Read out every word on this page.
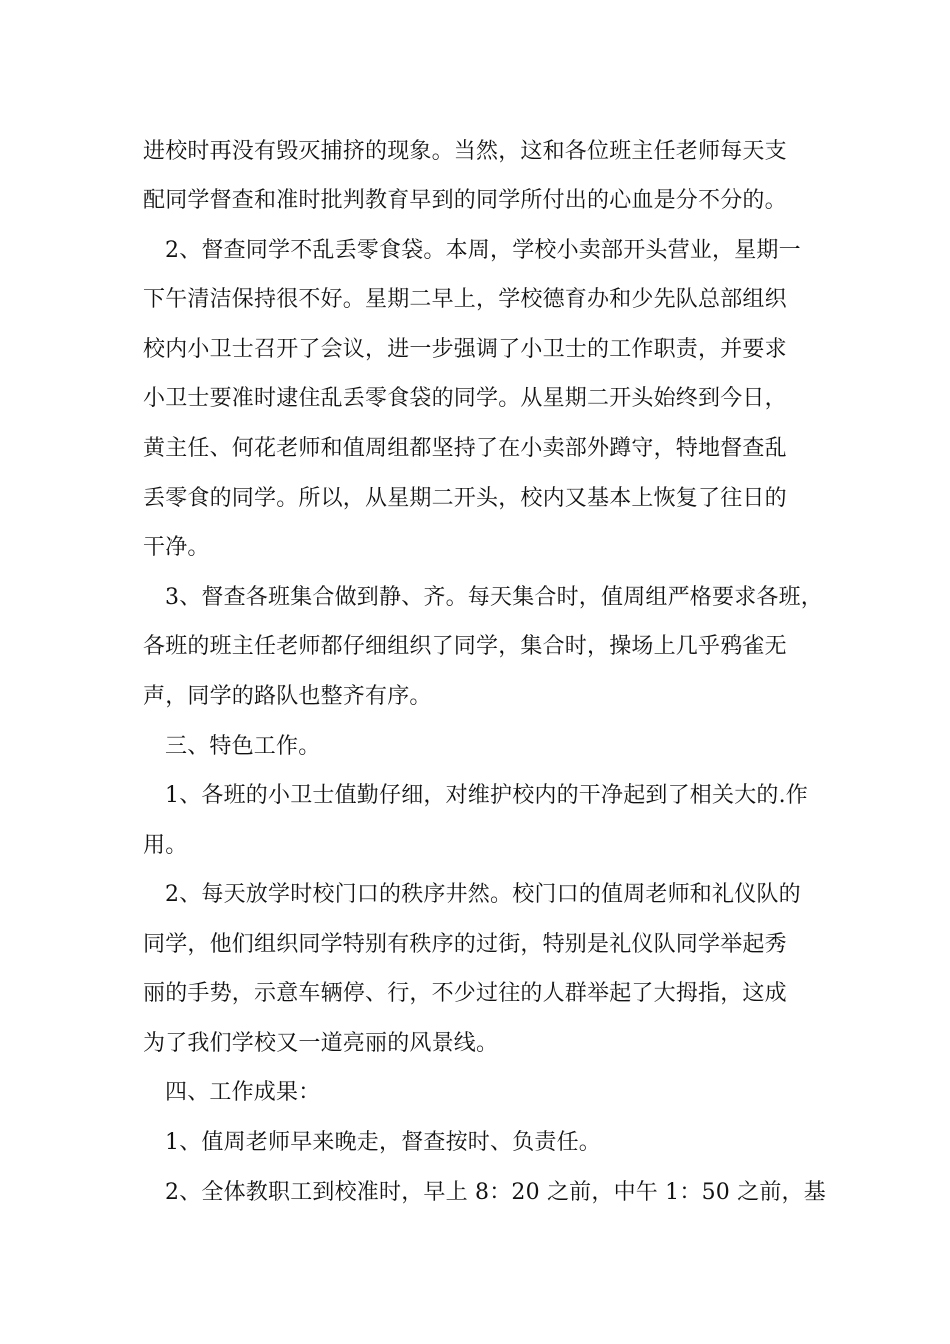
进校时再没有毁灭捕挤的现象。当然，这和各位班主任老师每天支
配同学督查和准时批判教育早到的同学所付出的心血是分不分的。
2、督查同学不乱丢零食袋。本周，学校小卖部开头营业，星期一
下午清洁保持很不好。星期二早上，学校德育办和少先队总部组织
校内小卫士召开了会议，进一步强调了小卫士的工作职责，并要求
小卫士要准时逮住乱丢零食袋的同学。从星期二开头始终到今日，
黄主任、何花老师和值周组都坚持了在小卖部外蹲守，特地督查乱
丢零食的同学。所以，从星期二开头，校内又基本上恢复了往日的
干净。
3、督查各班集合做到静、齐。每天集合时，值周组严格要求各班，
各班的班主任老师都仔细组织了同学，集合时，操场上几乎鸦雀无
声，同学的路队也整齐有序。
三、特色工作。
1、各班的小卫士值勤仔细，对维护校内的干净起到了相关大的.作
用。
2、每天放学时校门口的秩序井然。校门口的值周老师和礼仪队的
同学，他们组织同学特别有秩序的过街，特别是礼仪队同学举起秀
丽的手势，示意车辆停、行，不少过往的人群举起了大拇指，这成
为了我们学校又一道亮丽的风景线。
四、工作成果：
1、值周老师早来晚走，督查按时、负责任。
2、全体教职工到校准时，早上 8：20 之前，中午 1：50 之前，基
